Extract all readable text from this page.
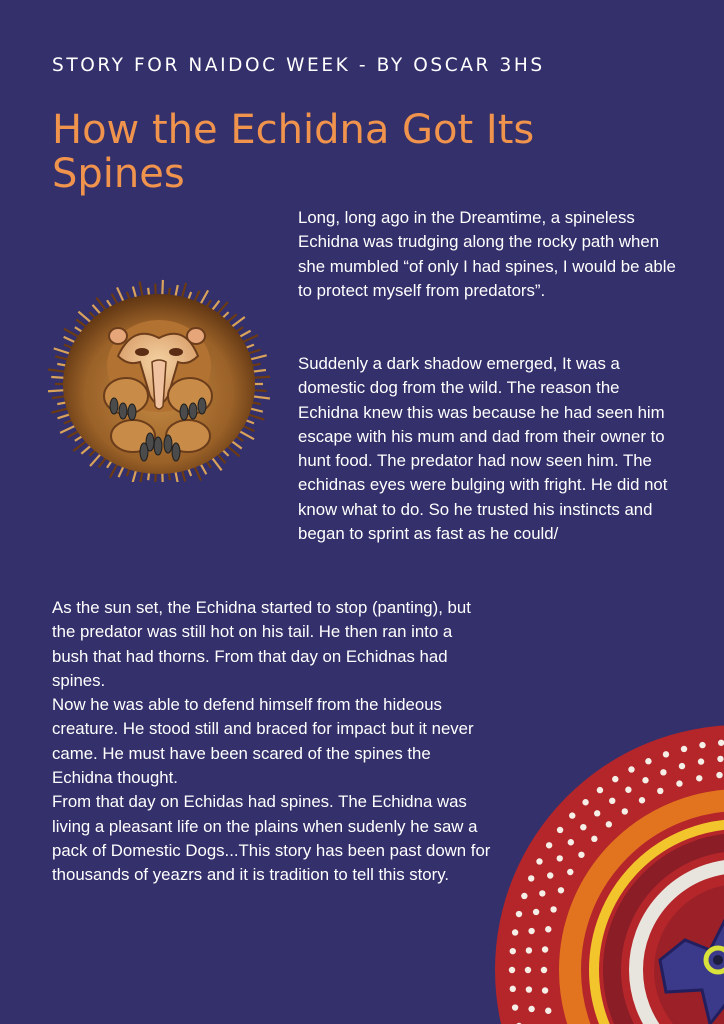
STORY FOR NAIDOC WEEK - BY OSCAR 3HS
How the Echidna Got Its Spines

Long, long ago in the Dreamtime, a spineless Echidna was trudging along the rocky path when she mumbled “of only I had spines, I would be able to protect myself from predators”.

Suddenly a dark shadow emerged, It was a domestic dog from the wild. The reason the Echidna knew this was because he had seen him escape with his mum and dad from their owner to hunt food. The predator had now seen him. The echidnas eyes were bulging with fright. He did not know what to do. So he trusted his instincts and began to sprint as fast as he could/

As the sun set, the Echidna started to stop (panting), but the predator was still hot on his tail. He then ran into a bush that had thorns. From that day on Echidnas had spines.
Now he was able to defend himself from the hideous creature. He stood still and braced for impact but it never came. He must have been scared of the spines the Echidna thought.
From that day on Echidas had spines. The Echidna was living a pleasant life on the plains when sudenly he saw a pack of Domestic Dogs...This story has been past down for thousands of yeazrs and it is tradition to tell this story.
